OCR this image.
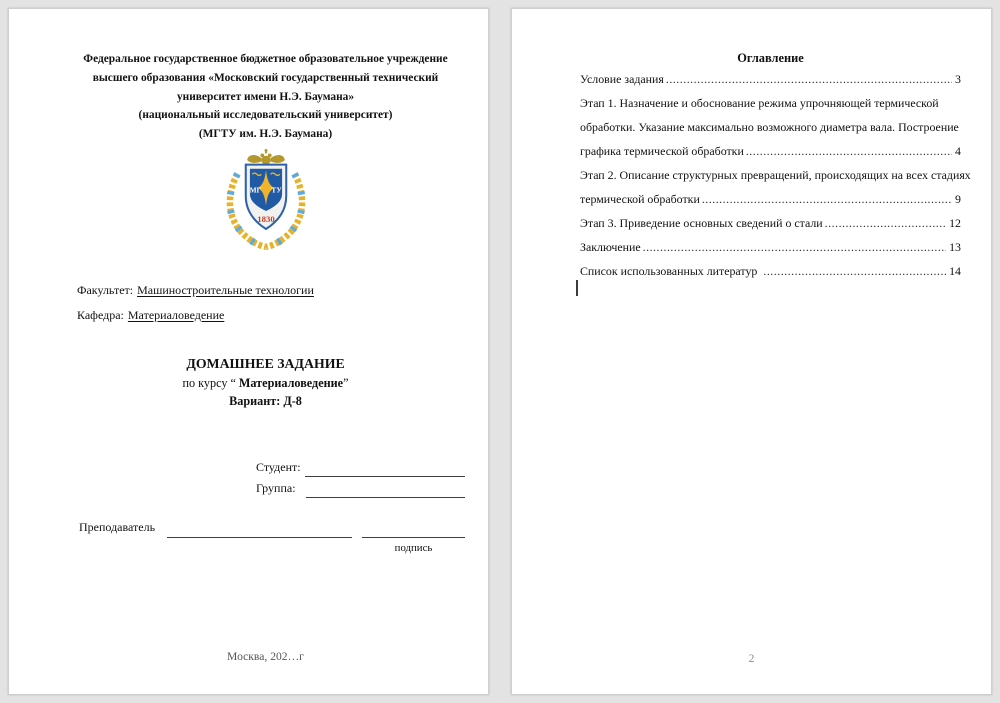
Федеральное государственное бюджетное образовательное учреждение
высшего образования «Московский государственный технический
университет имени Н.Э. Баумана»
(национальный исследовательский университет)
(МГТУ им. Н.Э. Баумана)
МГ ТУ
1830
Факультет: Машиностроительные технологии
Кафедра: Материаловедение
ДОМАШНЕЕ ЗАДАНИЕ
по курсу “ Материаловедение”
Вариант: Д-8
Студент:
Группа:
Преподаватель
подпись
Москва, 202…г
Оглавление
Условие задания .....	3
Этап 1. Назначение и обоснование режима упрочняющей термической
обработки. Указание максимально возможного диаметра вала. Построение
графика термической обработки .....	4
Этап 2. Описание структурных превращений, происходящих на всех стадиях
термической обработки .....	9
Этап 3. Приведение основных сведений о стали .....	12
Заключение .....	13
Список использованных литератур .....	14
2
